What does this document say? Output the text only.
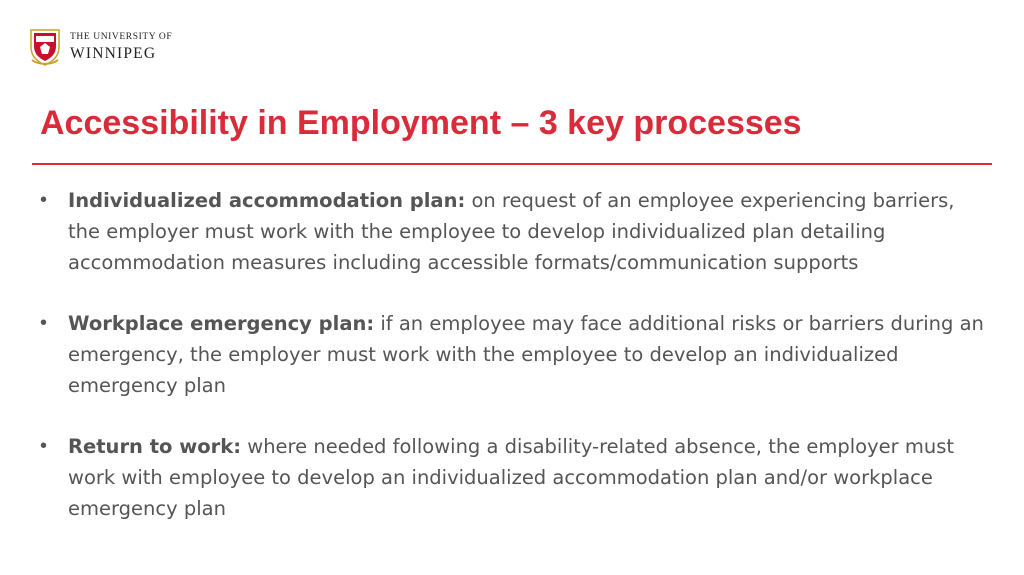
THE UNIVERSITY OF
WINNIPEG
Accessibility in Employment – 3 key processes
•	Individualized accommodation plan: on request of an employee experiencing barriers, the employer must work with the employee to develop individualized plan detailing accommodation measures including accessible formats/communication supports

•	Workplace emergency plan: if an employee may face additional risks or barriers during an emergency, the employer must work with the employee to develop an individualized emergency plan

•	Return to work: where needed following a disability-related absence, the employer must work with employee to develop an individualized accommodation plan and/or workplace emergency plan
